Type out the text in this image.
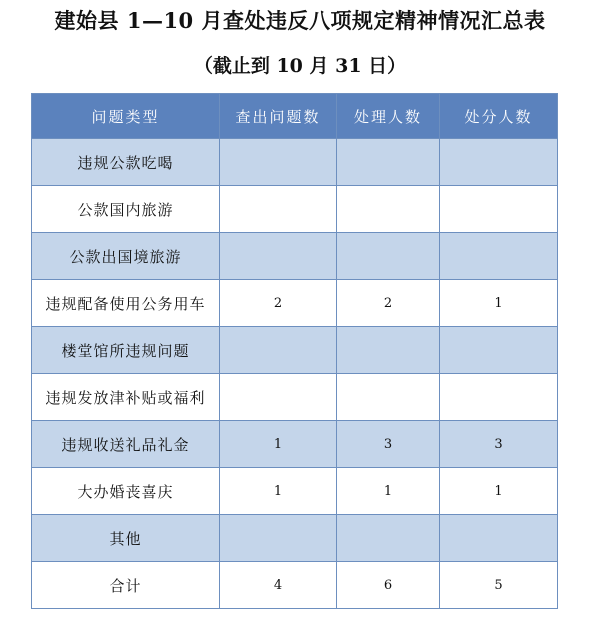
建始县 1—10 月查处违反八项规定精神情况汇总表
（截止到 10 月 31 日）
问题类型	查出问题数	处理人数	处分人数
违规公款吃喝			
公款国内旅游			
公款出国境旅游			
违规配备使用公务用车	2	2	1
楼堂馆所违规问题			
违规发放津补贴或福利			
违规收送礼品礼金	1	3	3
大办婚丧喜庆	1	1	1
其他			
合计	4	6	5
